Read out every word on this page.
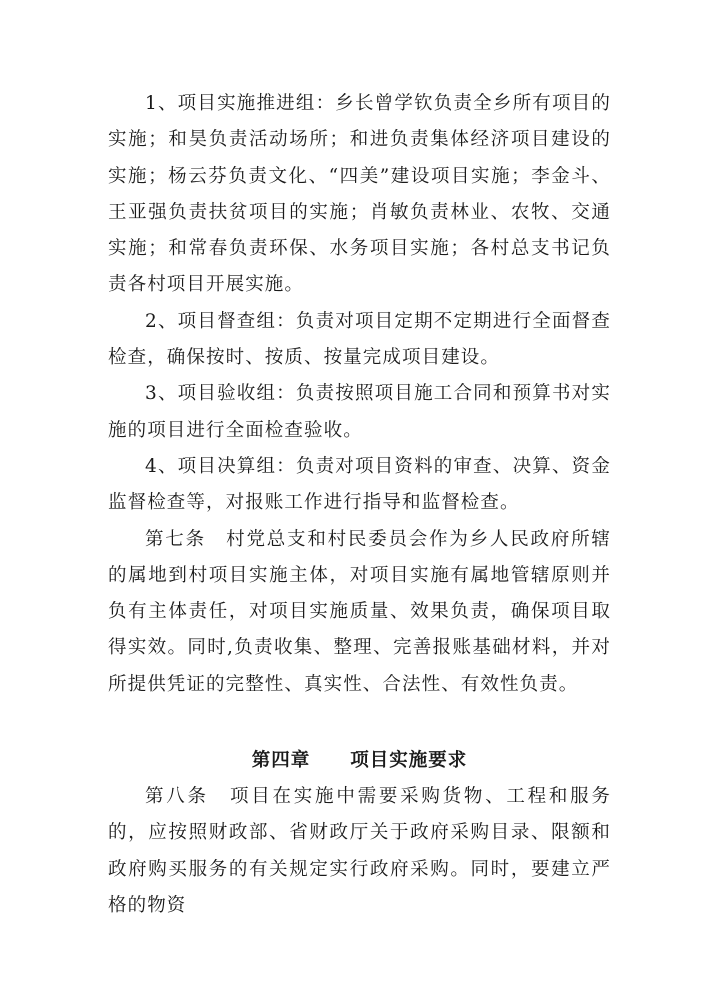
1、项目实施推进组：乡长曾学钦负责全乡所有项目的实施；和昊负责活动场所；和进负责集体经济项目建设的实施；杨云芬负责文化、“四美”建设项目实施；李金斗、王亚强负责扶贫项目的实施；肖敏负责林业、农牧、交通实施；和常春负责环保、水务项目实施；各村总支书记负责各村项目开展实施。

2、项目督查组：负责对项目定期不定期进行全面督查检查，确保按时、按质、按量完成项目建设。

3、项目验收组：负责按照项目施工合同和预算书对实施的项目进行全面检查验收。

4、项目决算组：负责对项目资料的审查、决算、资金监督检查等，对报账工作进行指导和监督检查。

第七条　村党总支和村民委员会作为乡人民政府所辖的属地到村项目实施主体，对项目实施有属地管辖原则并负有主体责任，对项目实施质量、效果负责，确保项目取得实效。同时,负责收集、整理、完善报账基础材料，并对所提供凭证的完整性、真实性、合法性、有效性负责。

第四章 项目实施要求

第八条　项目在实施中需要采购货物、工程和服务的，应按照财政部、省财政厅关于政府采购目录、限额和政府购买服务的有关规定实行政府采购。同时，要建立严格的物资
